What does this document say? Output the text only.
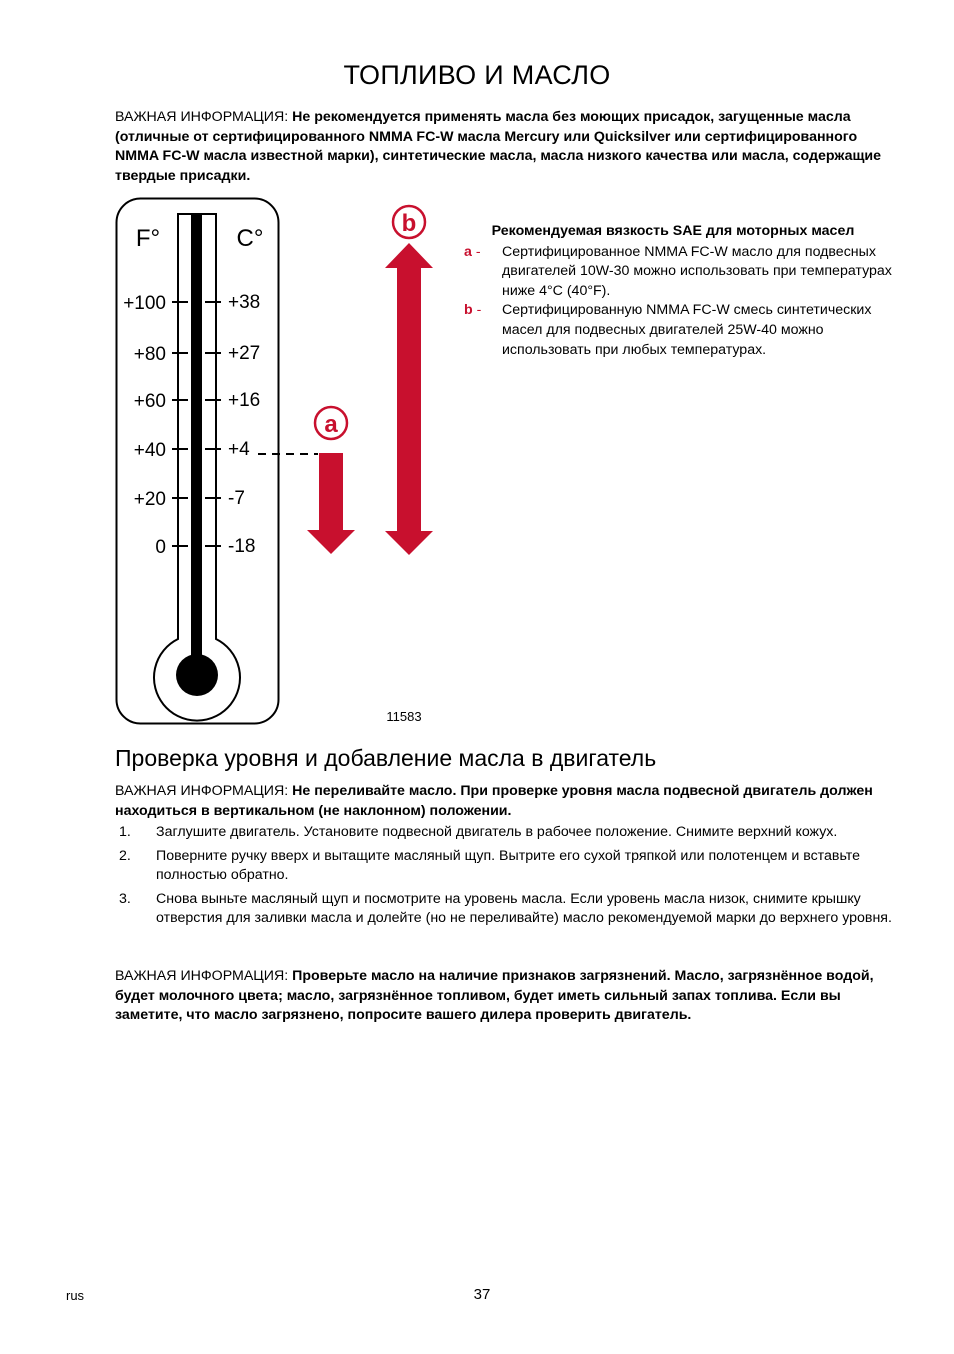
ТОПЛИВО И МАСЛО
ВАЖНАЯ ИНФОРМАЦИЯ: Не рекомендуется применять масла без моющих присадок, загущенные масла (отличные от сертифицированного NMMA FC-W масла Mercury или Quicksilver или сертифицированного NMMA FC-W масла известной марки), синтетические масла, масла низкого качества или масла, содержащие твердые присадки.
F°	C°
+100
+80
+60
+40
+20
0
+38
+27
+16
+4
-7
-18
a
b
11583
Рекомендуемая вязкость SAE для моторных масел
a - Сертифицированное NMMA FC-W масло для подвесных двигателей 10W-30 можно использовать при температурах ниже 4°C (40°F).
b - Сертифицированную NMMA FC-W смесь синтетических масел для подвесных двигателей 25W-40 можно использовать при любых температурах.
Проверка уровня и добавление масла в двигатель
ВАЖНАЯ ИНФОРМАЦИЯ: Не переливайте масло. При проверке уровня масла подвесной двигатель должен находиться в вертикальном (не наклонном) положении.
1. Заглушите двигатель. Установите подвесной двигатель в рабочее положение. Снимите верхний кожух.
2. Поверните ручку вверх и вытащите масляный щуп. Вытрите его сухой тряпкой или полотенцем и вставьте полностью обратно.
3. Снова выньте масляный щуп и посмотрите на уровень масла. Если уровень масла низок, снимите крышку отверстия для заливки масла и долейте (но не переливайте) масло рекомендуемой марки до верхнего уровня.
ВАЖНАЯ ИНФОРМАЦИЯ: Проверьте масло на наличие признаков загрязнений. Масло, загрязнённое водой, будет молочного цвета; масло, загрязнённое топливом, будет иметь сильный запах топлива. Если вы заметите, что масло загрязнено, попросите вашего дилера проверить двигатель.
rus	37
